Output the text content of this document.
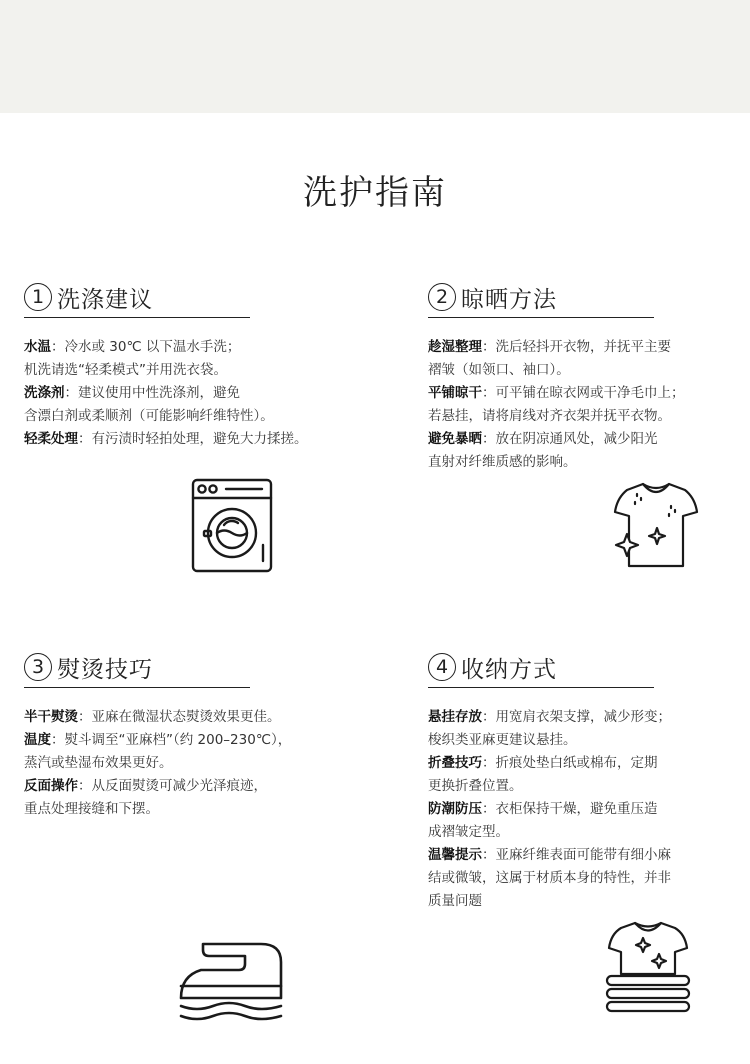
洗护指南
1 洗涤建议
水温：冷水或 30℃ 以下温水手洗；
机洗请选“轻柔模式”并用洗衣袋。
洗涤剂：建议使用中性洗涤剂，避免
含漂白剂或柔顺剂（可能影响纤维特性）。
轻柔处理：有污渍时轻拍处理，避免大力揉搓。
2 晾晒方法
趁湿整理：洗后轻抖开衣物，并抚平主要
褶皱（如领口、袖口）。
平铺晾干：可平铺在晾衣网或干净毛巾上；
若悬挂，请将肩线对齐衣架并抚平衣物。
避免暴晒：放在阴凉通风处，减少阳光
直射对纤维质感的影响。
3 熨烫技巧
半干熨烫：亚麻在微湿状态熨烫效果更佳。
温度：熨斗调至“亚麻档”（约 200–230℃），
蒸汽或垫湿布效果更好。
反面操作：从反面熨烫可减少光泽痕迹，
重点处理接缝和下摆。
4 收纳方式
悬挂存放：用宽肩衣架支撑，减少形变；
梭织类亚麻更建议悬挂。
折叠技巧：折痕处垫白纸或棉布，定期
更换折叠位置。
防潮防压：衣柜保持干燥，避免重压造
成褶皱定型。
温馨提示：亚麻纤维表面可能带有细小麻
结或微皱，这属于材质本身的特性，并非
质量问题
